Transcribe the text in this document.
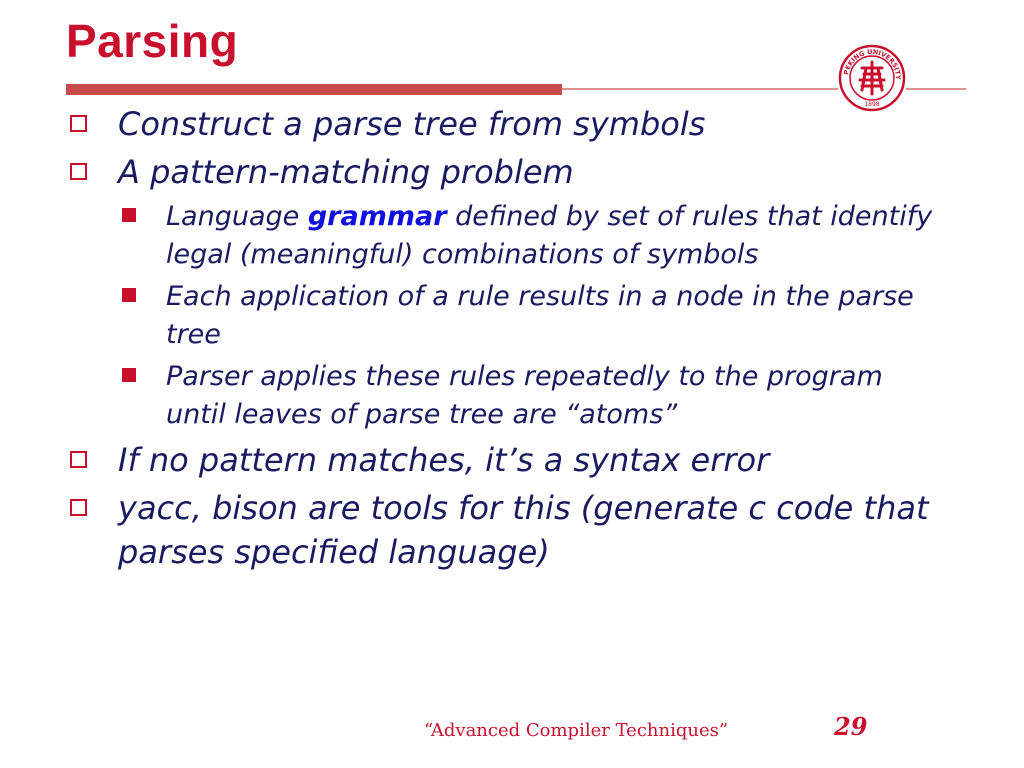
Parsing
PEKING UNIVERSITY
1898
Construct a parse tree from symbols
A pattern-matching problem
Language grammar defined by set of rules that identify legal (meaningful) combinations of symbols
Each application of a rule results in a node in the parse tree
Parser applies these rules repeatedly to the program until leaves of parse tree are “atoms”
If no pattern matches, it’s a syntax error
yacc, bison are tools for this (generate c code that parses specified language)
“Advanced Compiler Techniques”	29
